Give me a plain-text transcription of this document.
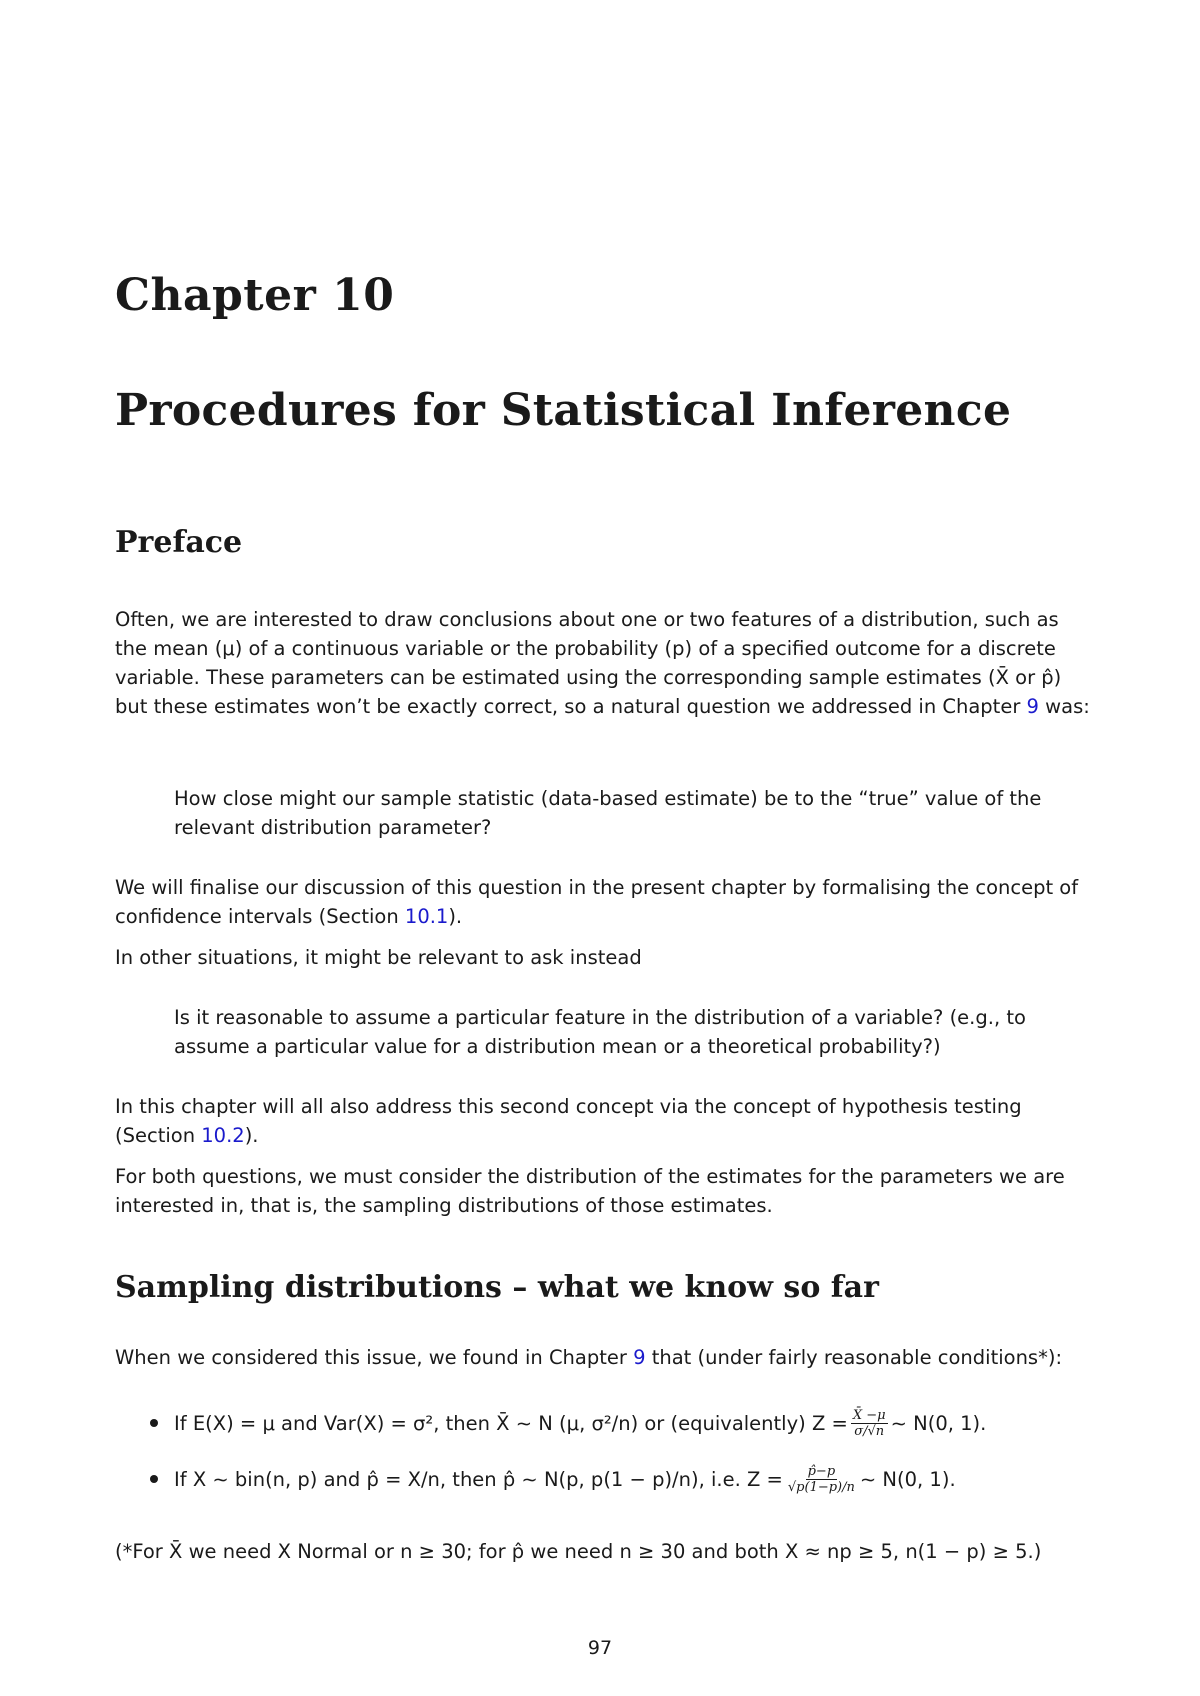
Chapter 10
Procedures for Statistical Inference
Preface
Often, we are interested to draw conclusions about one or two features of a distribution, such as the mean (μ) of a continuous variable or the probability (p) of a specified outcome for a discrete variable. These parameters can be estimated using the corresponding sample estimates (X̄ or p̂) but these estimates won’t be exactly correct, so a natural question we addressed in Chapter 9 was:
How close might our sample statistic (data-based estimate) be to the “true” value of the relevant distribution parameter?
We will finalise our discussion of this question in the present chapter by formalising the concept of confidence intervals (Section 10.1).
In other situations, it might be relevant to ask instead
Is it reasonable to assume a particular feature in the distribution of a variable? (e.g., to assume a particular value for a distribution mean or a theoretical probability?)
In this chapter will all also address this second concept via the concept of hypothesis testing (Section 10.2).
For both questions, we must consider the distribution of the estimates for the parameters we are interested in, that is, the sampling distributions of those estimates.
Sampling distributions – what we know so far
When we considered this issue, we found in Chapter 9 that (under fairly reasonable conditions*):
If E(X) = μ and Var(X) = σ², then X̄ ∼ N (μ, σ²/n) or (equivalently) $Z = \frac{X̄ -\mu}{\sigma/√n}$ ∼ N(0, 1).
If X ∼ bin(n, p) and p̂ = X/n, then p̂ ∼ N(p, p(1 − p)/n), i.e. $Z = \frac{p̂-p}{√p(1-p)/n}$ ∼ N(0, 1).
(*For X̄ we need X Normal or n ≥ 30; for p̂ we need n ≥ 30 and both X ≈ np ≥ 5, n(1 − p) ≥ 5.)
97
